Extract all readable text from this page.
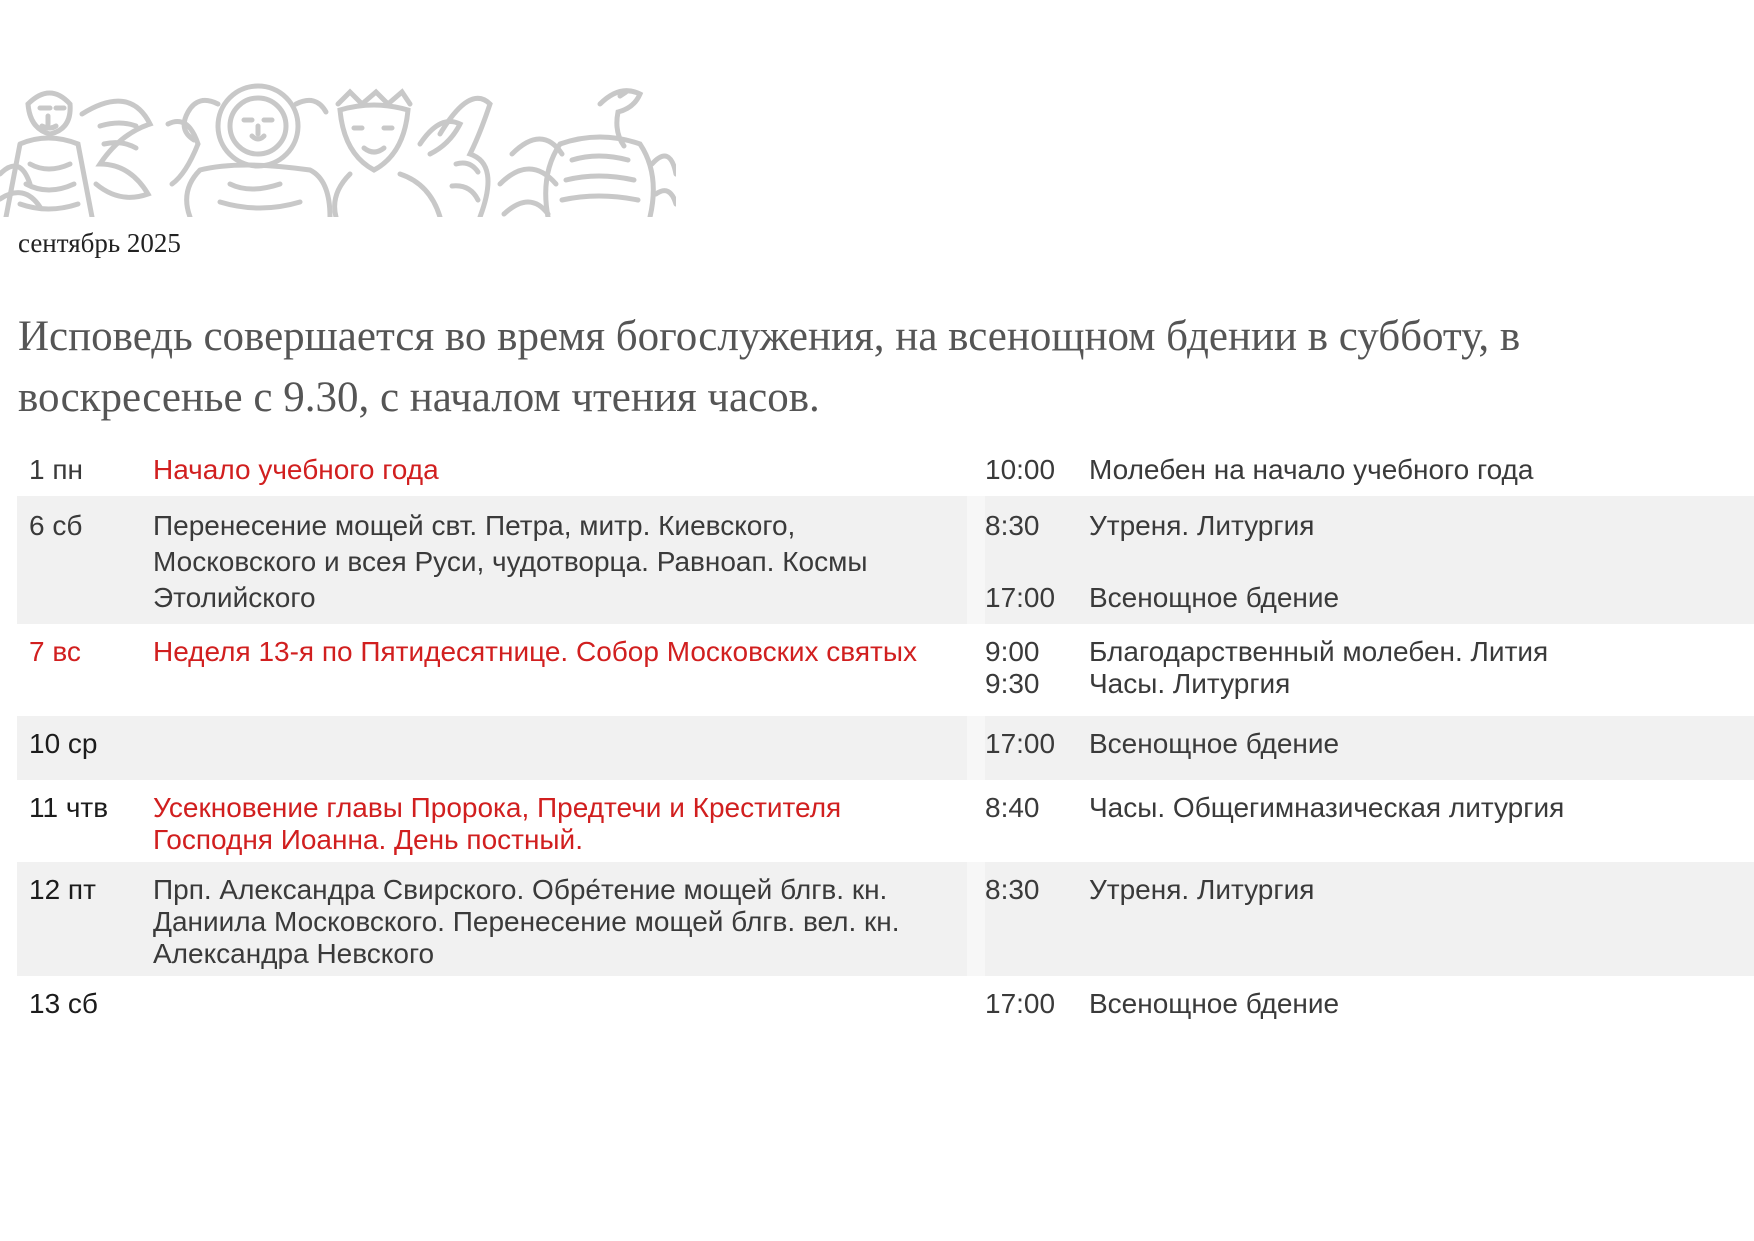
сентябрь 2025
Исповедь совершается во время богослужения, на всенощном бдении в субботу, в воскресенье с 9.30, с началом чтения часов.
1 пн	Начало учебного года		10:00 Молебен на начало учебного года

6 сб	Перенесение мощей свт. Петра, митр. Киевского, Московского и всея Руси, чудотворца. Равноап. Космы Этолийского		8:30 Утреня. Литургия
17:00 Всенощное бдение

7 вс	Неделя 13-я по Пятидесятнице. Собор Московских святых		9:00 Благодарственный молебен. Лития
9:30 Часы. Литургия

10 ср			17:00 Всенощное бдение

11 чтв	Усекновение главы Пророка, Предтечи и Крестителя Господня Иоанна. День постный.		8:40 Часы. Общегимназическая литургия

12 пт	Прп. Александра Свирского. Обре́тение мощей блгв. кн. Даниила Московского. Перенесение мощей блгв. вел. кн. Александра Невского		8:30 Утреня. Литургия

13 сб			17:00 Всенощное бдение
